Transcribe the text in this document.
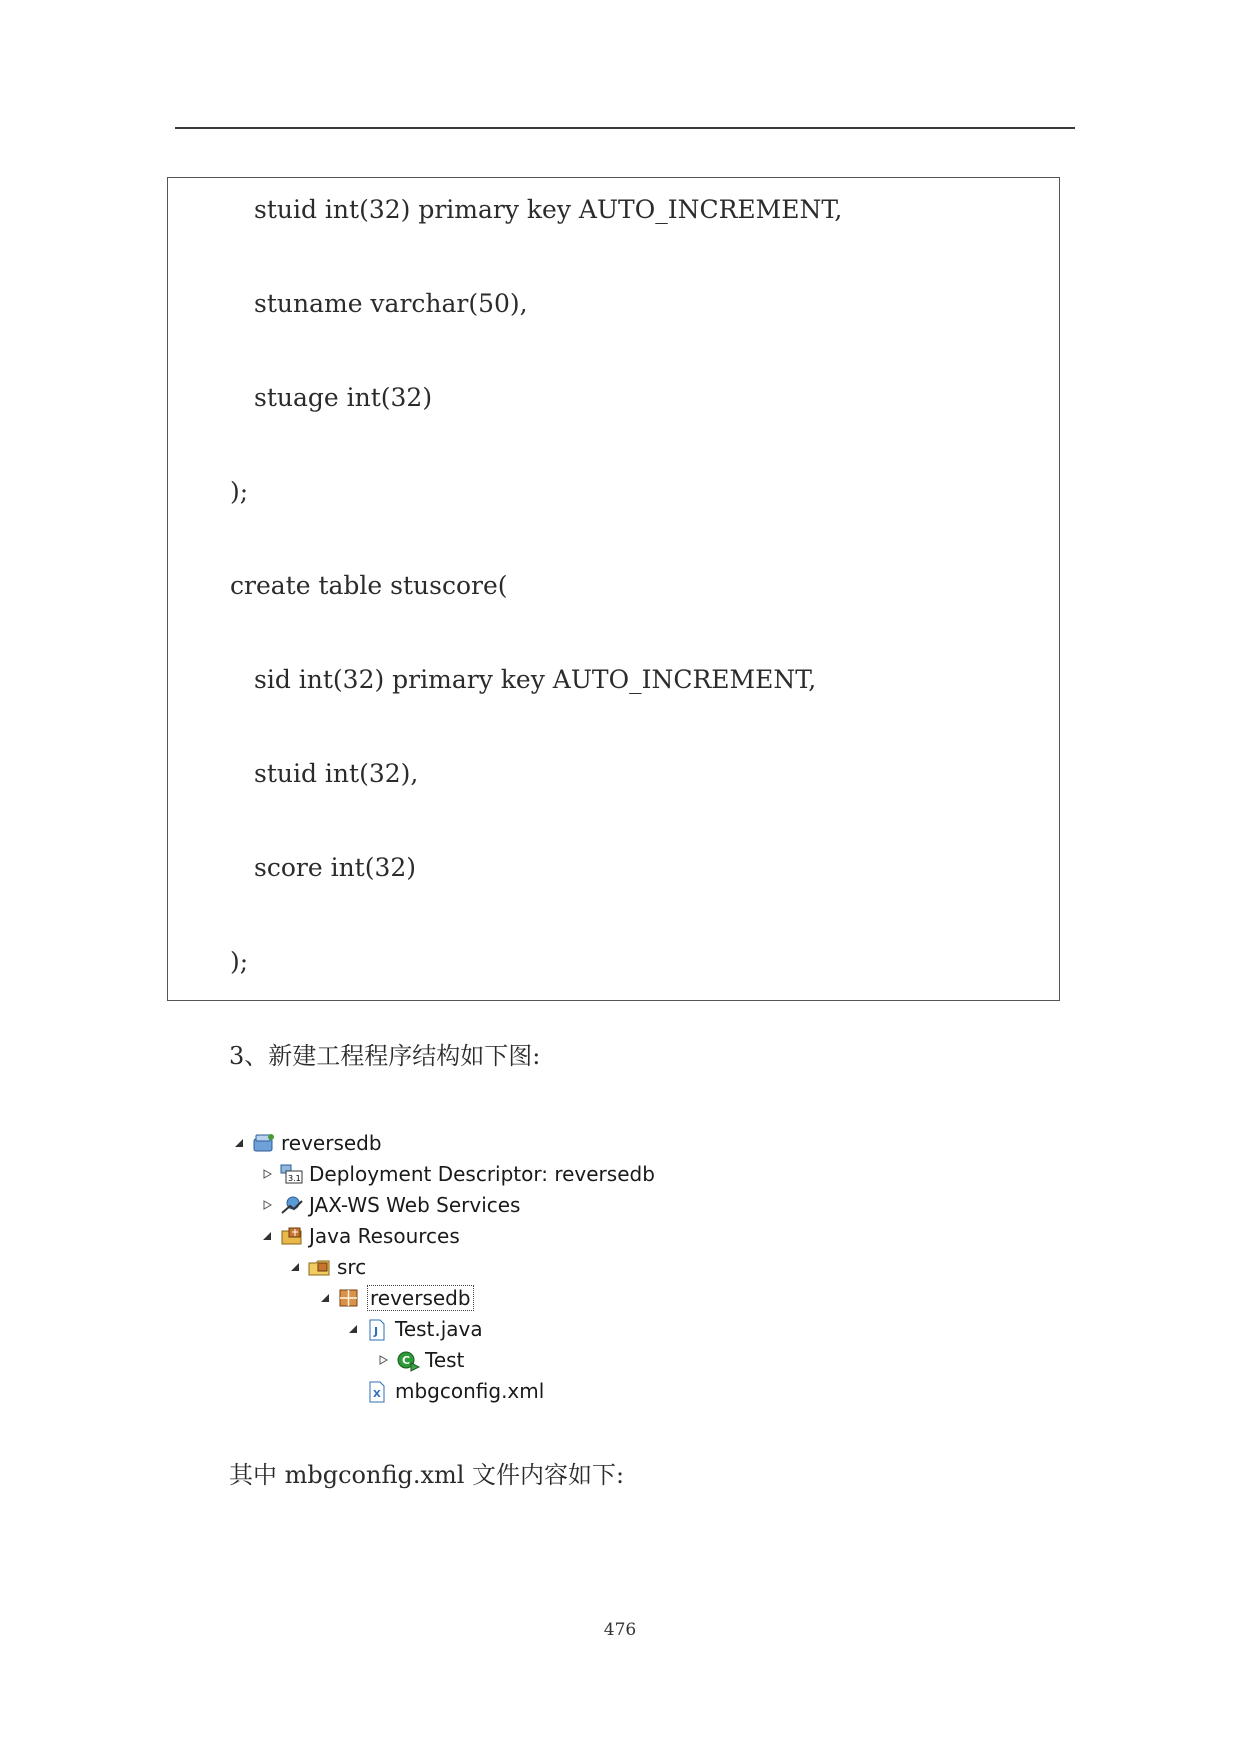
stuid int(32) primary key AUTO_INCREMENT,
stuname varchar(50),
stuage int(32)
);
create table stuscore(
sid int(32) primary key AUTO_INCREMENT,
stuid int(32),
score int(32)
);
3、新建工程程序结构如下图:
reversedb
3.1 Deployment Descriptor: reversedb
JAX-WS Web Services
Java Resources
src
reversedb
J Test.java
C Test
X mbgconfig.xml
其中 mbgconfig.xml 文件内容如下:
476
